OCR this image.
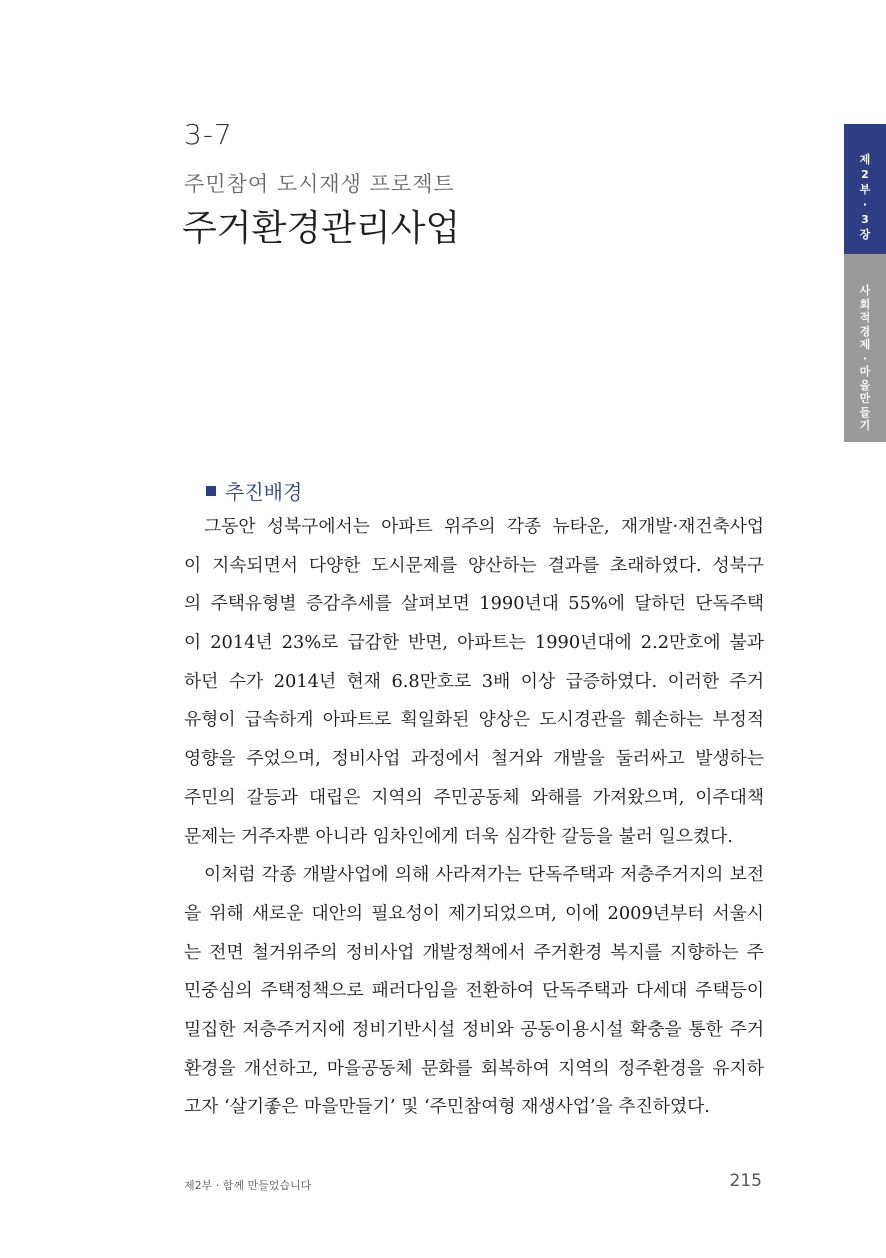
3-7
주민참여 도시재생 프로젝트
주거환경관리사업
제
2
부
·
3
장
사
회
적
경
제
·
마
을
만
들
기
추진배경
그동안 성북구에서는 아파트 위주의 각종 뉴타운, 재개발·재건축사업
이 지속되면서 다양한 도시문제를 양산하는 결과를 초래하였다. 성북구
의 주택유형별 증감추세를 살펴보면 1990년대 55%에 달하던 단독주택
이 2014년 23%로 급감한 반면, 아파트는 1990년대에 2.2만호에 불과
하던 수가 2014년 현재 6.8만호로 3배 이상 급증하였다. 이러한 주거
유형이 급속하게 아파트로 획일화된 양상은 도시경관을 훼손하는 부정적
영향을 주었으며, 정비사업 과정에서 철거와 개발을 둘러싸고 발생하는
주민의 갈등과 대립은 지역의 주민공동체 와해를 가져왔으며, 이주대책
문제는 거주자뿐 아니라 임차인에게 더욱 심각한 갈등을 불러 일으켰다.
이처럼 각종 개발사업에 의해 사라져가는 단독주택과 저층주거지의 보전
을 위해 새로운 대안의 필요성이 제기되었으며, 이에 2009년부터 서울시
는 전면 철거위주의 정비사업 개발정책에서 주거환경 복지를 지향하는 주
민중심의 주택정책으로 패러다임을 전환하여 단독주택과 다세대 주택등이
밀집한 저층주거지에 정비기반시설 정비와 공동이용시설 확충을 통한 주거
환경을 개선하고, 마을공동체 문화를 회복하여 지역의 정주환경을 유지하
고자 ‘살기좋은 마을만들기’ 및 ‘주민참여형 재생사업’을 추진하였다.
제2부 · 함께 만들었습니다	215
